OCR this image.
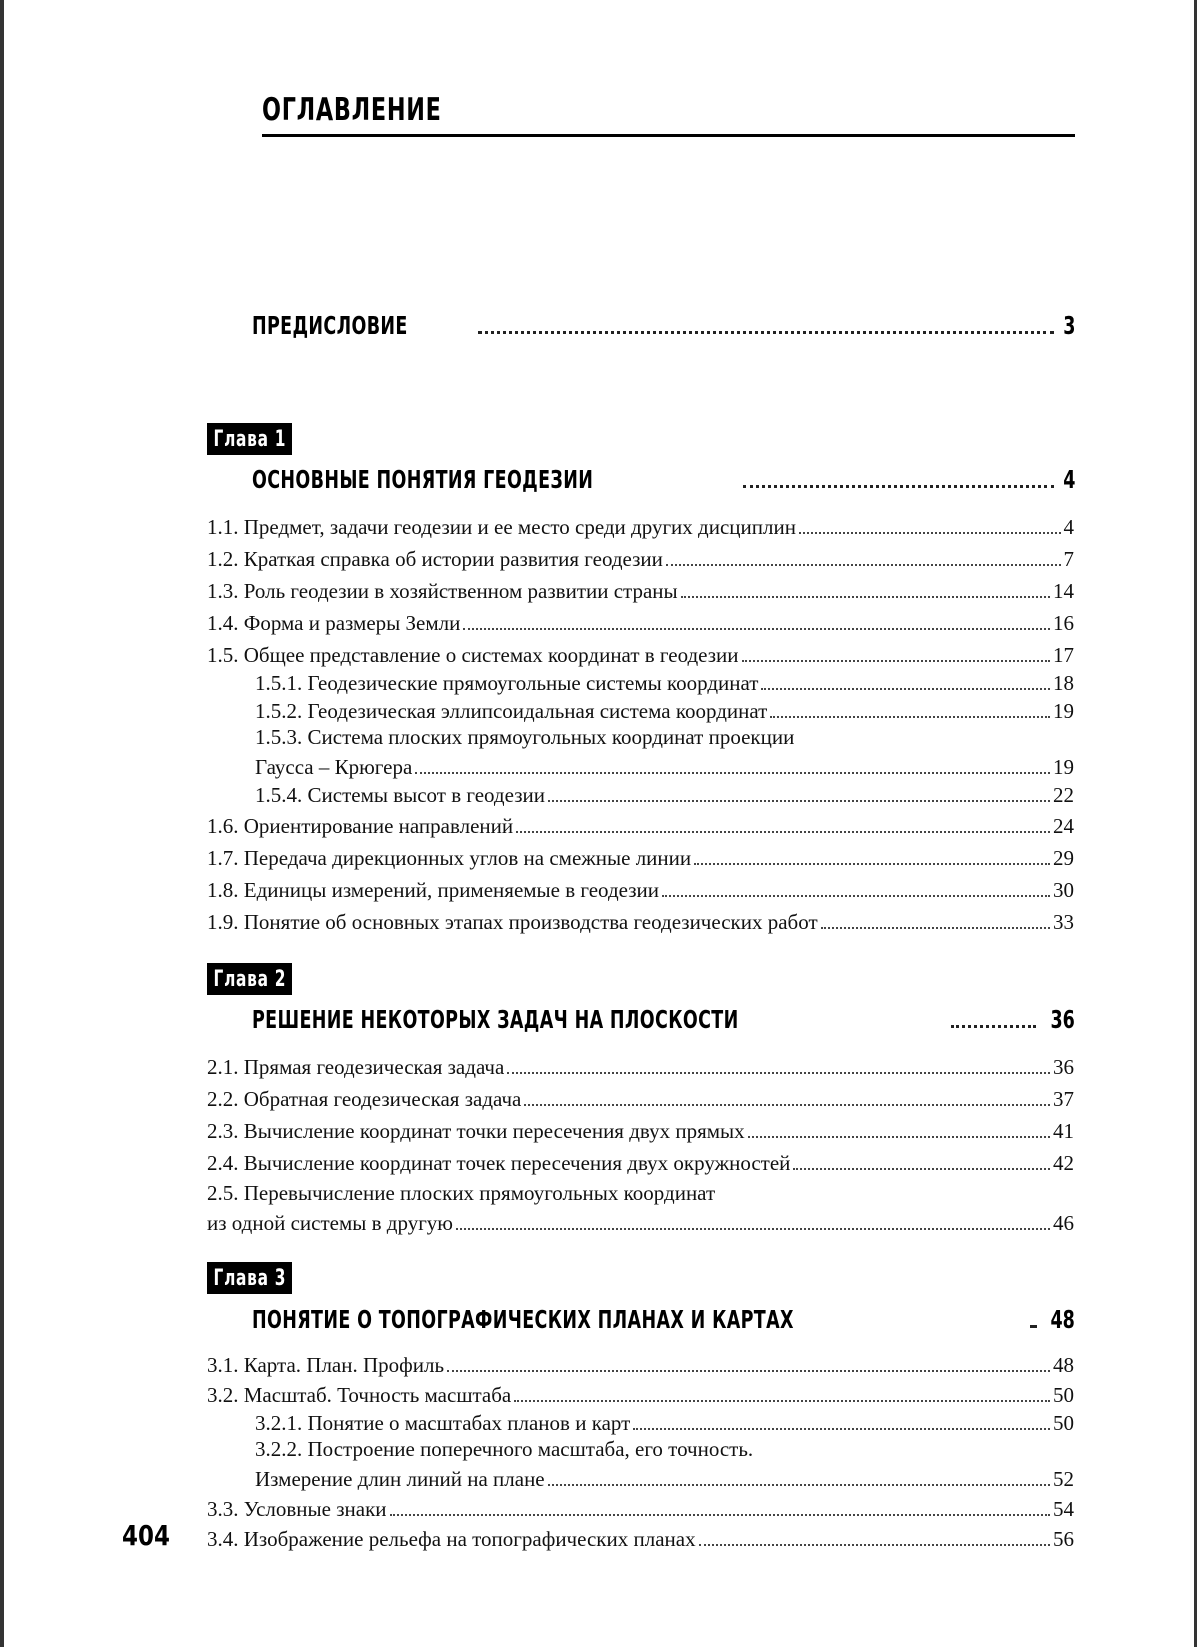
ОГЛАВЛЕНИЕ
ПРЕДИСЛОВИЕ	3
Глава 1
ОСНОВНЫЕ ПОНЯТИЯ ГЕОДЕЗИИ	4
1.1. Предмет, задачи геодезии и ее место среди других дисциплин	4
1.2. Краткая справка об истории развития геодезии	7
1.3. Роль геодезии в хозяйственном развитии страны	14
1.4. Форма и размеры Земли	16
1.5. Общее представление о системах координат в геодезии	17
1.5.1. Геодезические прямоугольные системы координат	18
1.5.2. Геодезическая эллипсоидальная система координат	19
1.5.3. Система плоских прямоугольных координат проекции
Гаусса – Крюгера	19
1.5.4. Системы высот в геодезии	22
1.6. Ориентирование направлений	24
1.7. Передача дирекционных углов на смежные линии	29
1.8. Единицы измерений, применяемые в геодезии	30
1.9. Понятие об основных этапах производства геодезических работ	33
Глава 2
РЕШЕНИЕ НЕКОТОРЫХ ЗАДАЧ НА ПЛОСКОСТИ	36
2.1. Прямая геодезическая задача	36
2.2. Обратная геодезическая задача	37
2.3. Вычисление координат точки пересечения двух прямых	41
2.4. Вычисление координат точек пересечения двух окружностей	42
2.5. Перевычисление плоских прямоугольных координат
из одной системы в другую	46
Глава 3
ПОНЯТИЕ О ТОПОГРАФИЧЕСКИХ ПЛАНАХ И КАРТАХ	48
3.1. Карта. План. Профиль	48
3.2. Масштаб. Точность масштаба	50
3.2.1. Понятие о масштабах планов и карт	50
3.2.2. Построение поперечного масштаба, его точность.
Измерение длин линий на плане	52
3.3. Условные знаки	54
3.4. Изображение рельефа на топографических планах	56
404
